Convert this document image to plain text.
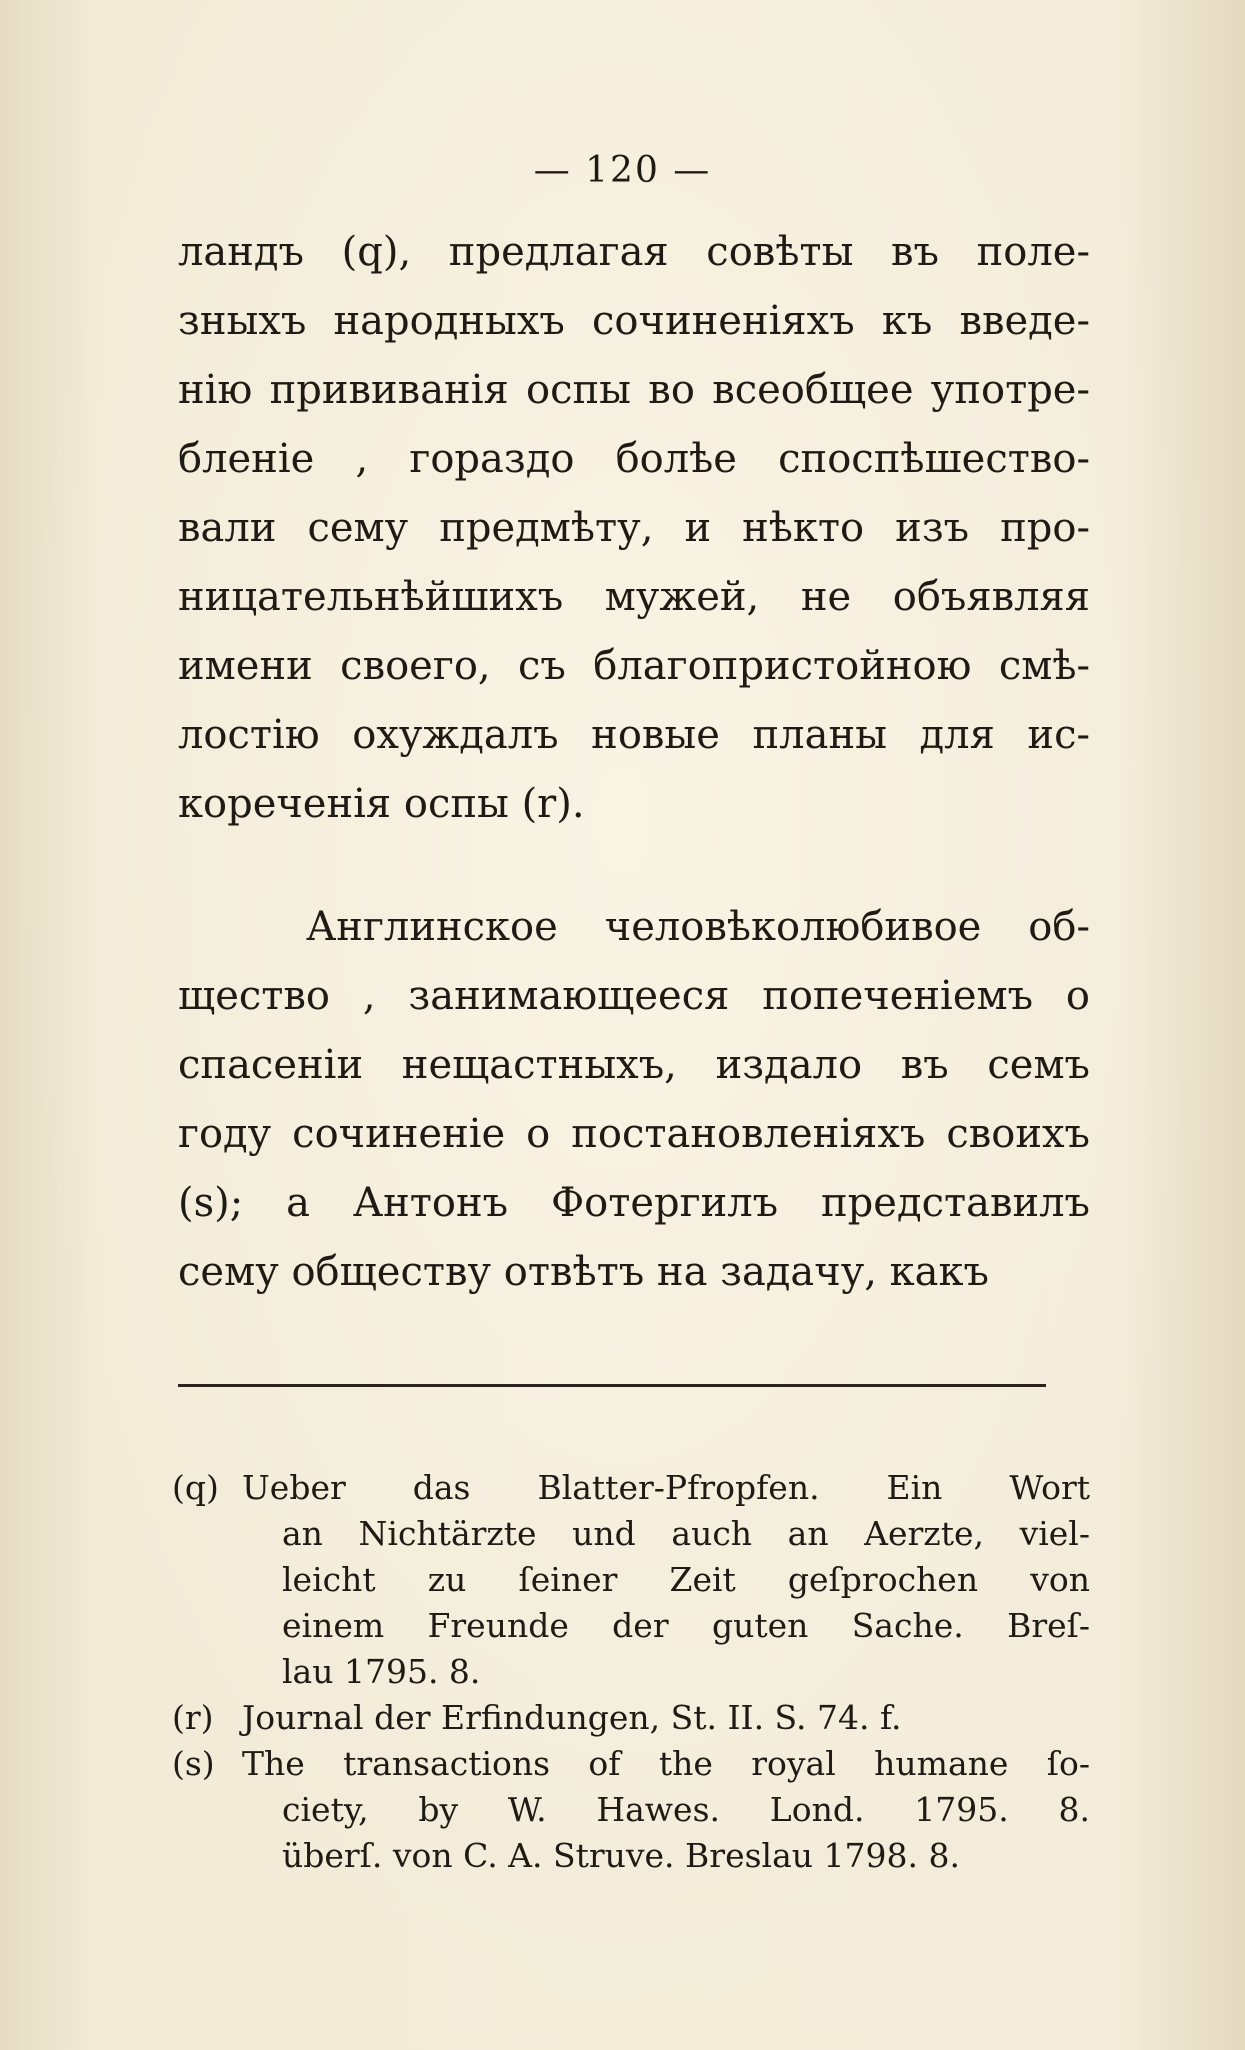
— 120 —
ландъ (q), предлагая совѣты въ поле-
зныхъ народныхъ сочиненіяхъ къ введе-
нію прививанія оспы во всеобщее употре-
бленіе , гораздо болѣе споспѣшество-
вали сему предмѣту, и нѣкто изъ про-
ницательнѣйшихъ мужей, не объявляя
имени своего, съ благопристойною смѣ-
лостію охуждалъ новые планы для ис-
кореченія оспы (r).
Англинское человѣколюбивое об-
щество , занимающееся попеченіемъ о
спасеніи нещастныхъ, издало въ семъ
году сочиненіе о постановленіяхъ своихъ
(s); а Антонъ Фотергилъ представилъ
сему обществу отвѣтъ на задачу, какъ
(q) Ueber das Blatter-Pfropfen. Ein Wort
an Nichtärzte und auch an Aerzte, viel-
leicht zu ſeiner Zeit geſprochen von
einem Freunde der guten Sache. Breſ-
lau 1795. 8.
(r) Journal der Erfindungen, St. II. S. 74. f.
(s) The transactions of the royal humane ſo-
ciety, by W. Hawes. Lond. 1795. 8.
überſ. von C. A. Struve. Breslau 1798. 8.
